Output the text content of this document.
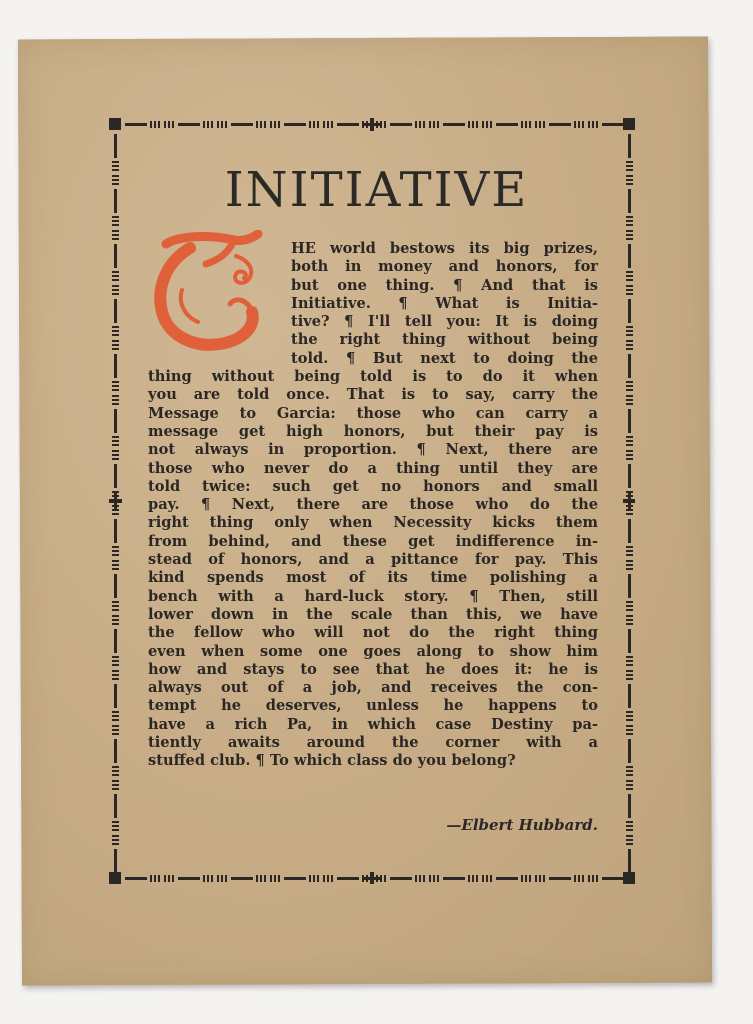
INITIATIVE
HE world bestows its big prizes,
both in money and honors, for
but one thing. ¶ And that is
Initiative. ¶ What is Initia-
tive? ¶ I'll tell you: It is doing
the right thing without being
told. ¶ But next to doing the
thing without being told is to do it when
you are told once. That is to say, carry the
Message to Garcia: those who can carry a
message get high honors, but their pay is
not always in proportion. ¶ Next, there are
those who never do a thing until they are
told twice: such get no honors and small
pay. ¶ Next, there are those who do the
right thing only when Necessity kicks them
from behind, and these get indifference in-
stead of honors, and a pittance for pay. This
kind spends most of its time polishing a
bench with a hard-luck story. ¶ Then, still
lower down in the scale than this, we have
the fellow who will not do the right thing
even when some one goes along to show him
how and stays to see that he does it: he is
always out of a job, and receives the con-
tempt he deserves, unless he happens to
have a rich Pa, in which case Destiny pa-
tiently awaits around the corner with a
stuffed club. ¶ To which class do you belong?
—Elbert Hubbard.
